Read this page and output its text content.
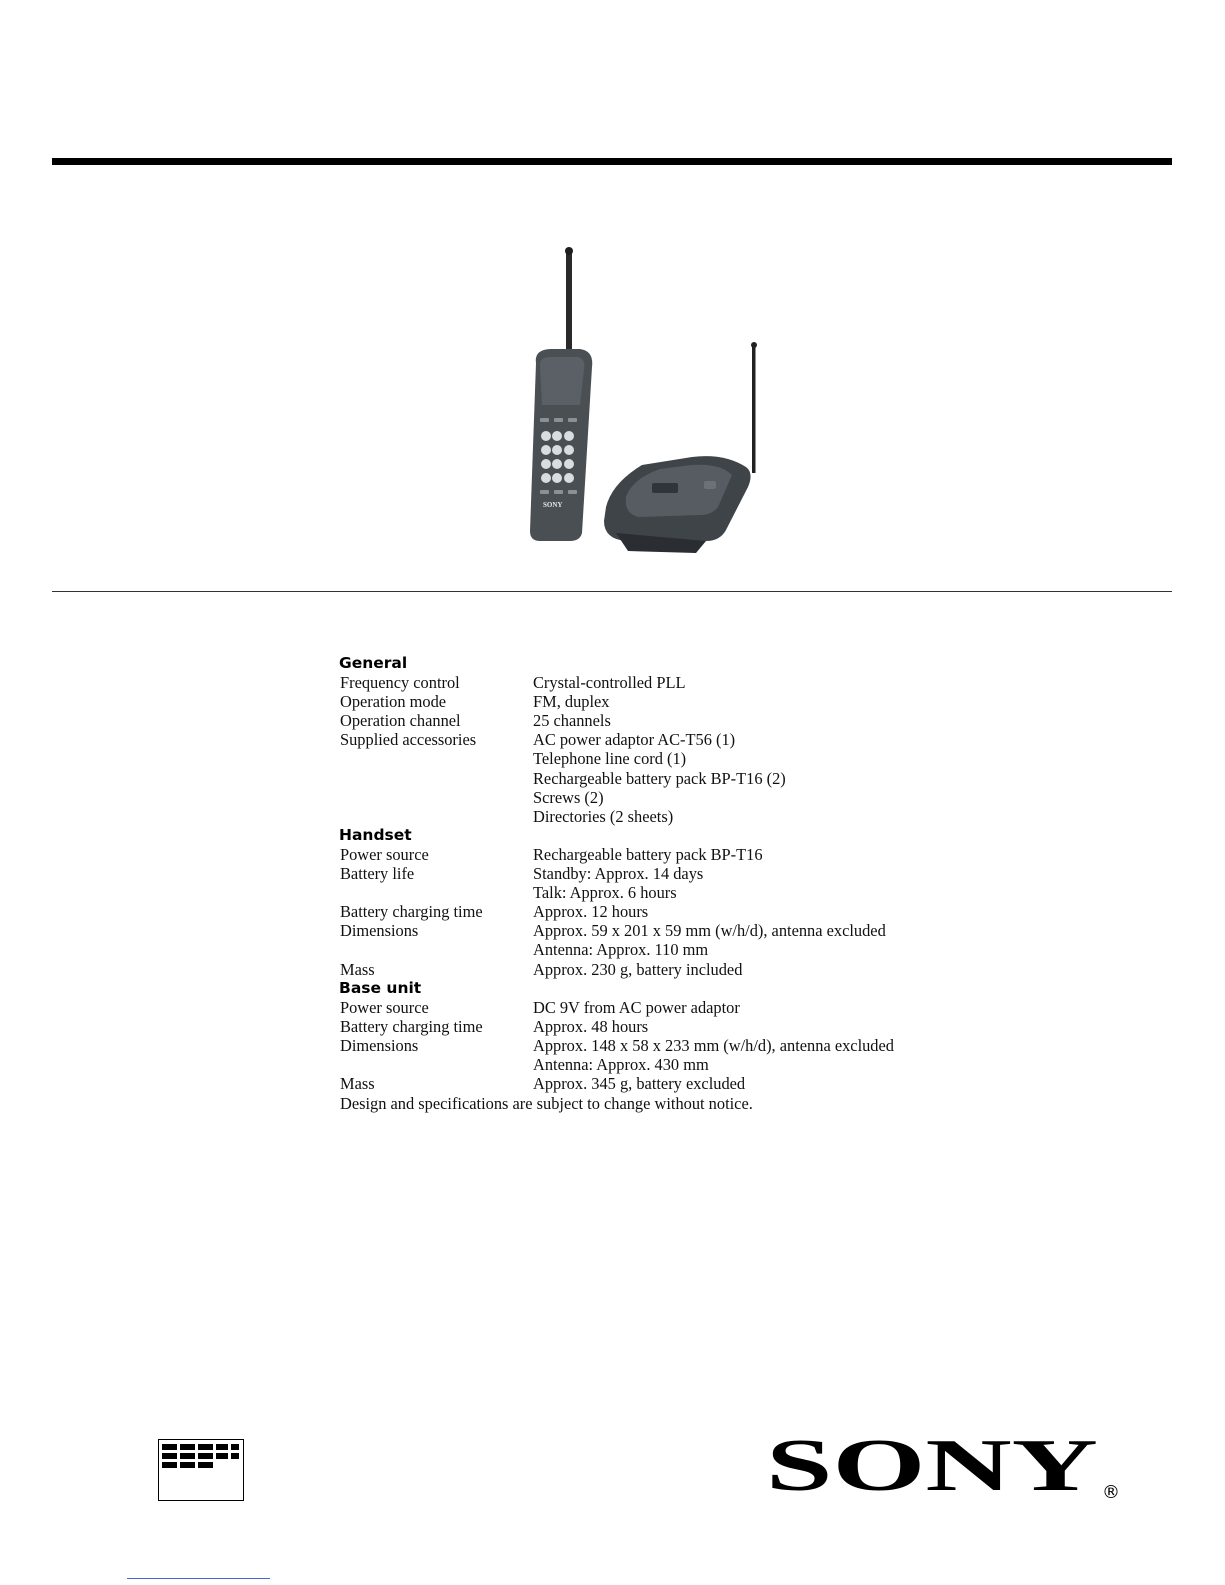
SONY
General
Frequency control	Crystal-controlled PLL
Operation mode	FM, duplex
Operation channel	25 channels
Supplied accessories	AC power adaptor AC-T56 (1)
Telephone line cord (1)
Rechargeable battery pack BP-T16 (2)
Screws (2)
Directories (2 sheets)
Handset
Power source	Rechargeable battery pack BP-T16
Battery life	Standby: Approx. 14 days
Talk: Approx. 6 hours
Battery charging time	Approx. 12 hours
Dimensions	Approx. 59 x 201 x 59 mm (w/h/d), antenna excluded
Antenna: Approx. 110 mm
Mass	Approx. 230 g, battery included
Base unit
Power source	DC 9V from AC power adaptor
Battery charging time	Approx. 48 hours
Dimensions	Approx. 148 x 58 x 233 mm (w/h/d), antenna excluded
Antenna: Approx. 430 mm
Mass	Approx. 345 g, battery excluded
Design and specifications are subject to change without notice.
SONY ®
